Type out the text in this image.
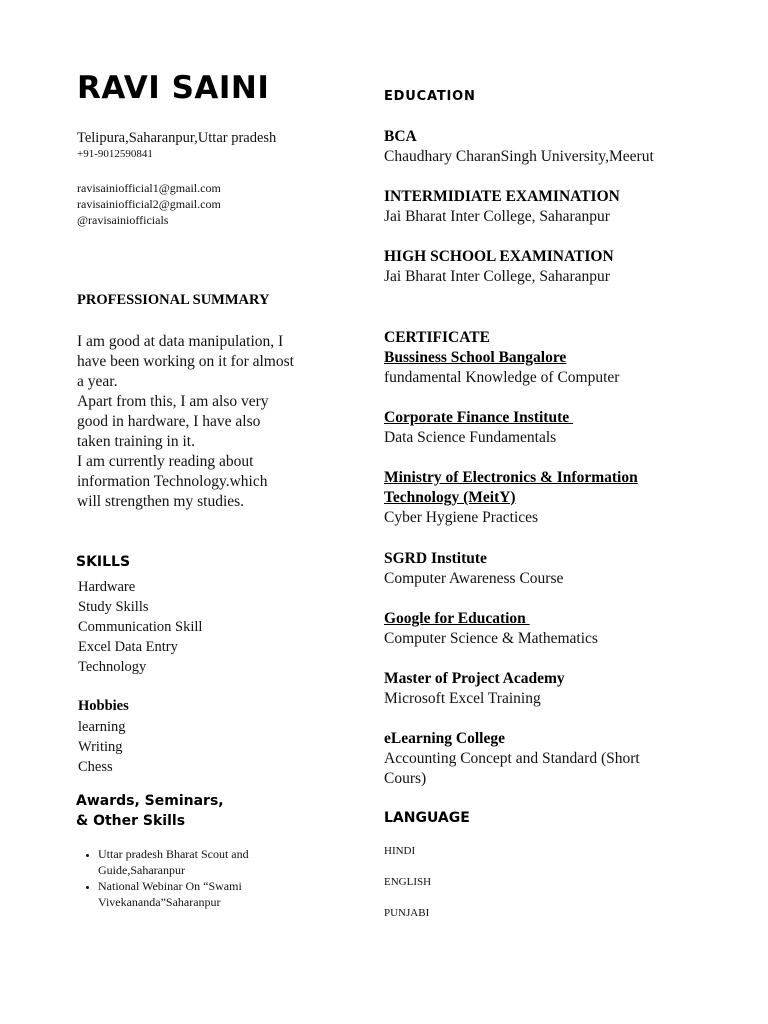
RAVI SAINI
Telipura,Saharanpur,Uttar pradesh
+91-9012590841
ravisainiofficial1@gmail.com
ravisainiofficial2@gmail.com
@ravisainiofficials
PROFESSIONAL SUMMARY
I am good at data manipulation, I
have been working on it for almost
a year.
Apart from this, I am also very
good in hardware, I have also
taken training in it.
I am currently reading about
information Technology.which
will strengthen my studies.
SKILLS
Hardware
Study Skills
Communication Skill
Excel Data Entry
Technology
Hobbies
learning
Writing
Chess
Awards, Seminars,
& Other Skills
• Uttar pradesh Bharat Scout and
Guide,Saharanpur
• National Webinar On “Swami
Vivekananda”Saharanpur
EDUCATION
BCA
Chaudhary CharanSingh University,Meerut
INTERMIDIATE EXAMINATION
Jai Bharat Inter College, Saharanpur
HIGH SCHOOL EXAMINATION
Jai Bharat Inter College, Saharanpur
CERTIFICATE
Bussiness School Bangalore
fundamental Knowledge of Computer
Corporate Finance Institute
Data Science Fundamentals
Ministry of Electronics & Information
Technology (MeitY)
Cyber Hygiene Practices
SGRD Institute
Computer Awareness Course
Google for Education
Computer Science & Mathematics
Master of Project Academy
Microsoft Excel Training
eLearning College
Accounting Concept and Standard (Short
Cours)
LANGUAGE
HINDI
ENGLISH
PUNJABI
